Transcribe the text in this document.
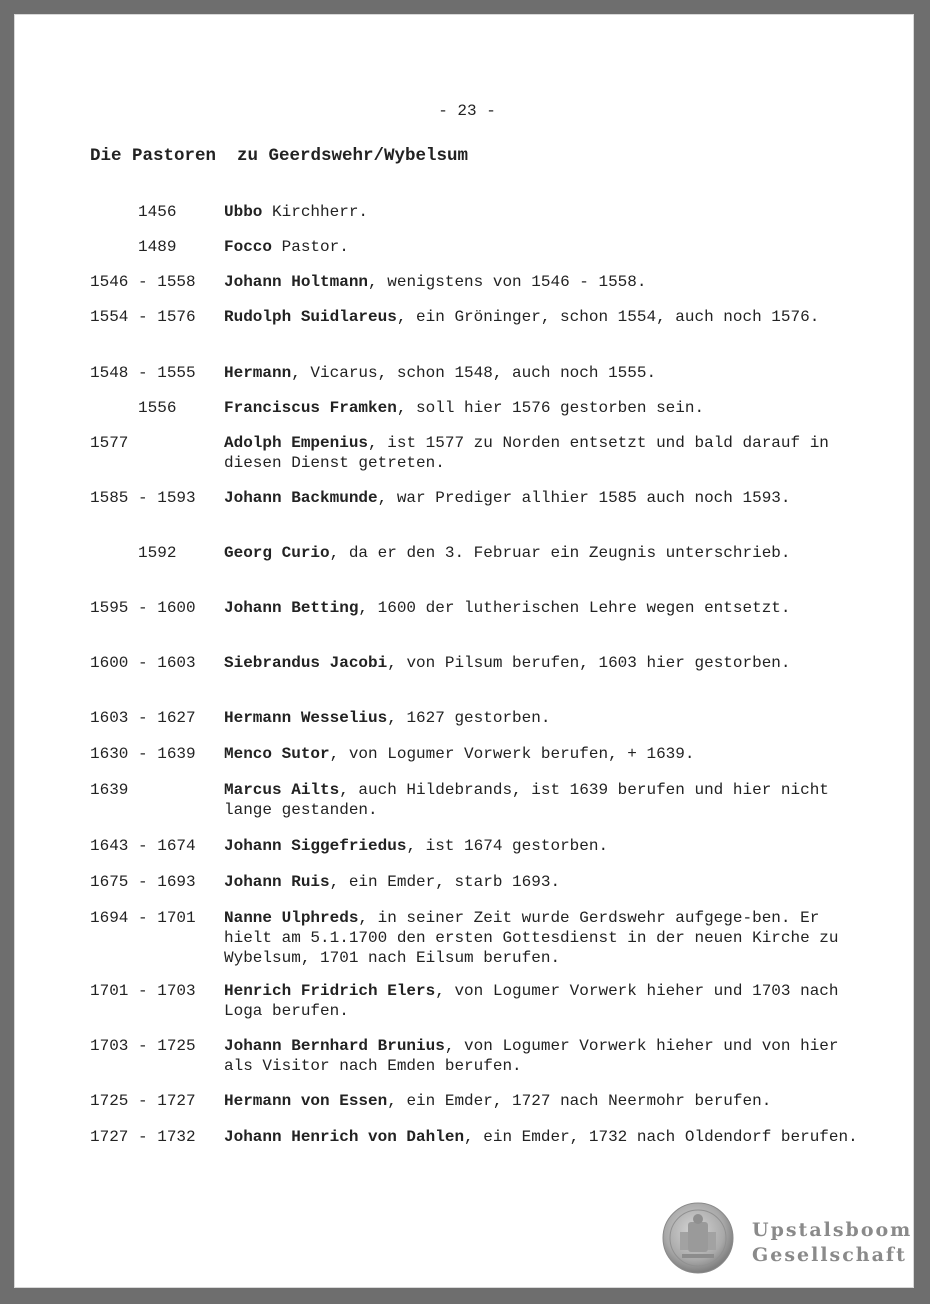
- 23 -
Die Pastoren  zu Geerdswehr/Wybelsum
1456	Ubbo Kirchherr.
1489	Focco Pastor.
1546 - 1558	Johann Holtmann, wenigstens von 1546 - 1558.
1554 - 1576	Rudolph Suidlareus, ein Gröninger, schon 1554, auch noch 1576.
1548 - 1555	Hermann, Vicarus, schon 1548, auch noch 1555.
1556	Franciscus Framken, soll hier 1576 gestorben sein.
1577	Adolph Empenius, ist 1577 zu Norden entsetzt und bald darauf in diesen Dienst getreten.
1585 - 1593	Johann Backmunde, war Prediger allhier 1585 auch noch 1593.
1592	Georg Curio, da er den 3. Februar ein Zeugnis unterschrieb.
1595 - 1600	Johann Betting, 1600 der lutherischen Lehre wegen entsetzt.
1600 - 1603	Siebrandus Jacobi, von Pilsum berufen, 1603 hier gestorben.
1603 - 1627	Hermann Wesselius, 1627 gestorben.
1630 - 1639	Menco Sutor, von Logumer Vorwerk berufen, + 1639.
1639	Marcus Ailts, auch Hildebrands, ist 1639 berufen und hier nicht lange gestanden.
1643 - 1674	Johann Siggefriedus, ist 1674 gestorben.
1675 - 1693	Johann Ruis, ein Emder, starb 1693.
1694 - 1701	Nanne Ulphreds, in seiner Zeit wurde Gerdswehr aufgege-ben. Er hielt am 5.1.1700 den ersten Gottesdienst in der neuen Kirche zu Wybelsum, 1701 nach Eilsum berufen.
1701 - 1703	Henrich Fridrich Elers, von Logumer Vorwerk hieher und 1703 nach Loga berufen.
1703 - 1725	Johann Bernhard Brunius, von Logumer Vorwerk hieher und von hier als Visitor nach Emden berufen.
1725 - 1727	Hermann von Essen, ein Emder, 1727 nach Neermohr berufen.
1727 - 1732	Johann Henrich von Dahlen, ein Emder, 1732 nach Oldendorf berufen.
Upstalsboom
Gesellschaft
